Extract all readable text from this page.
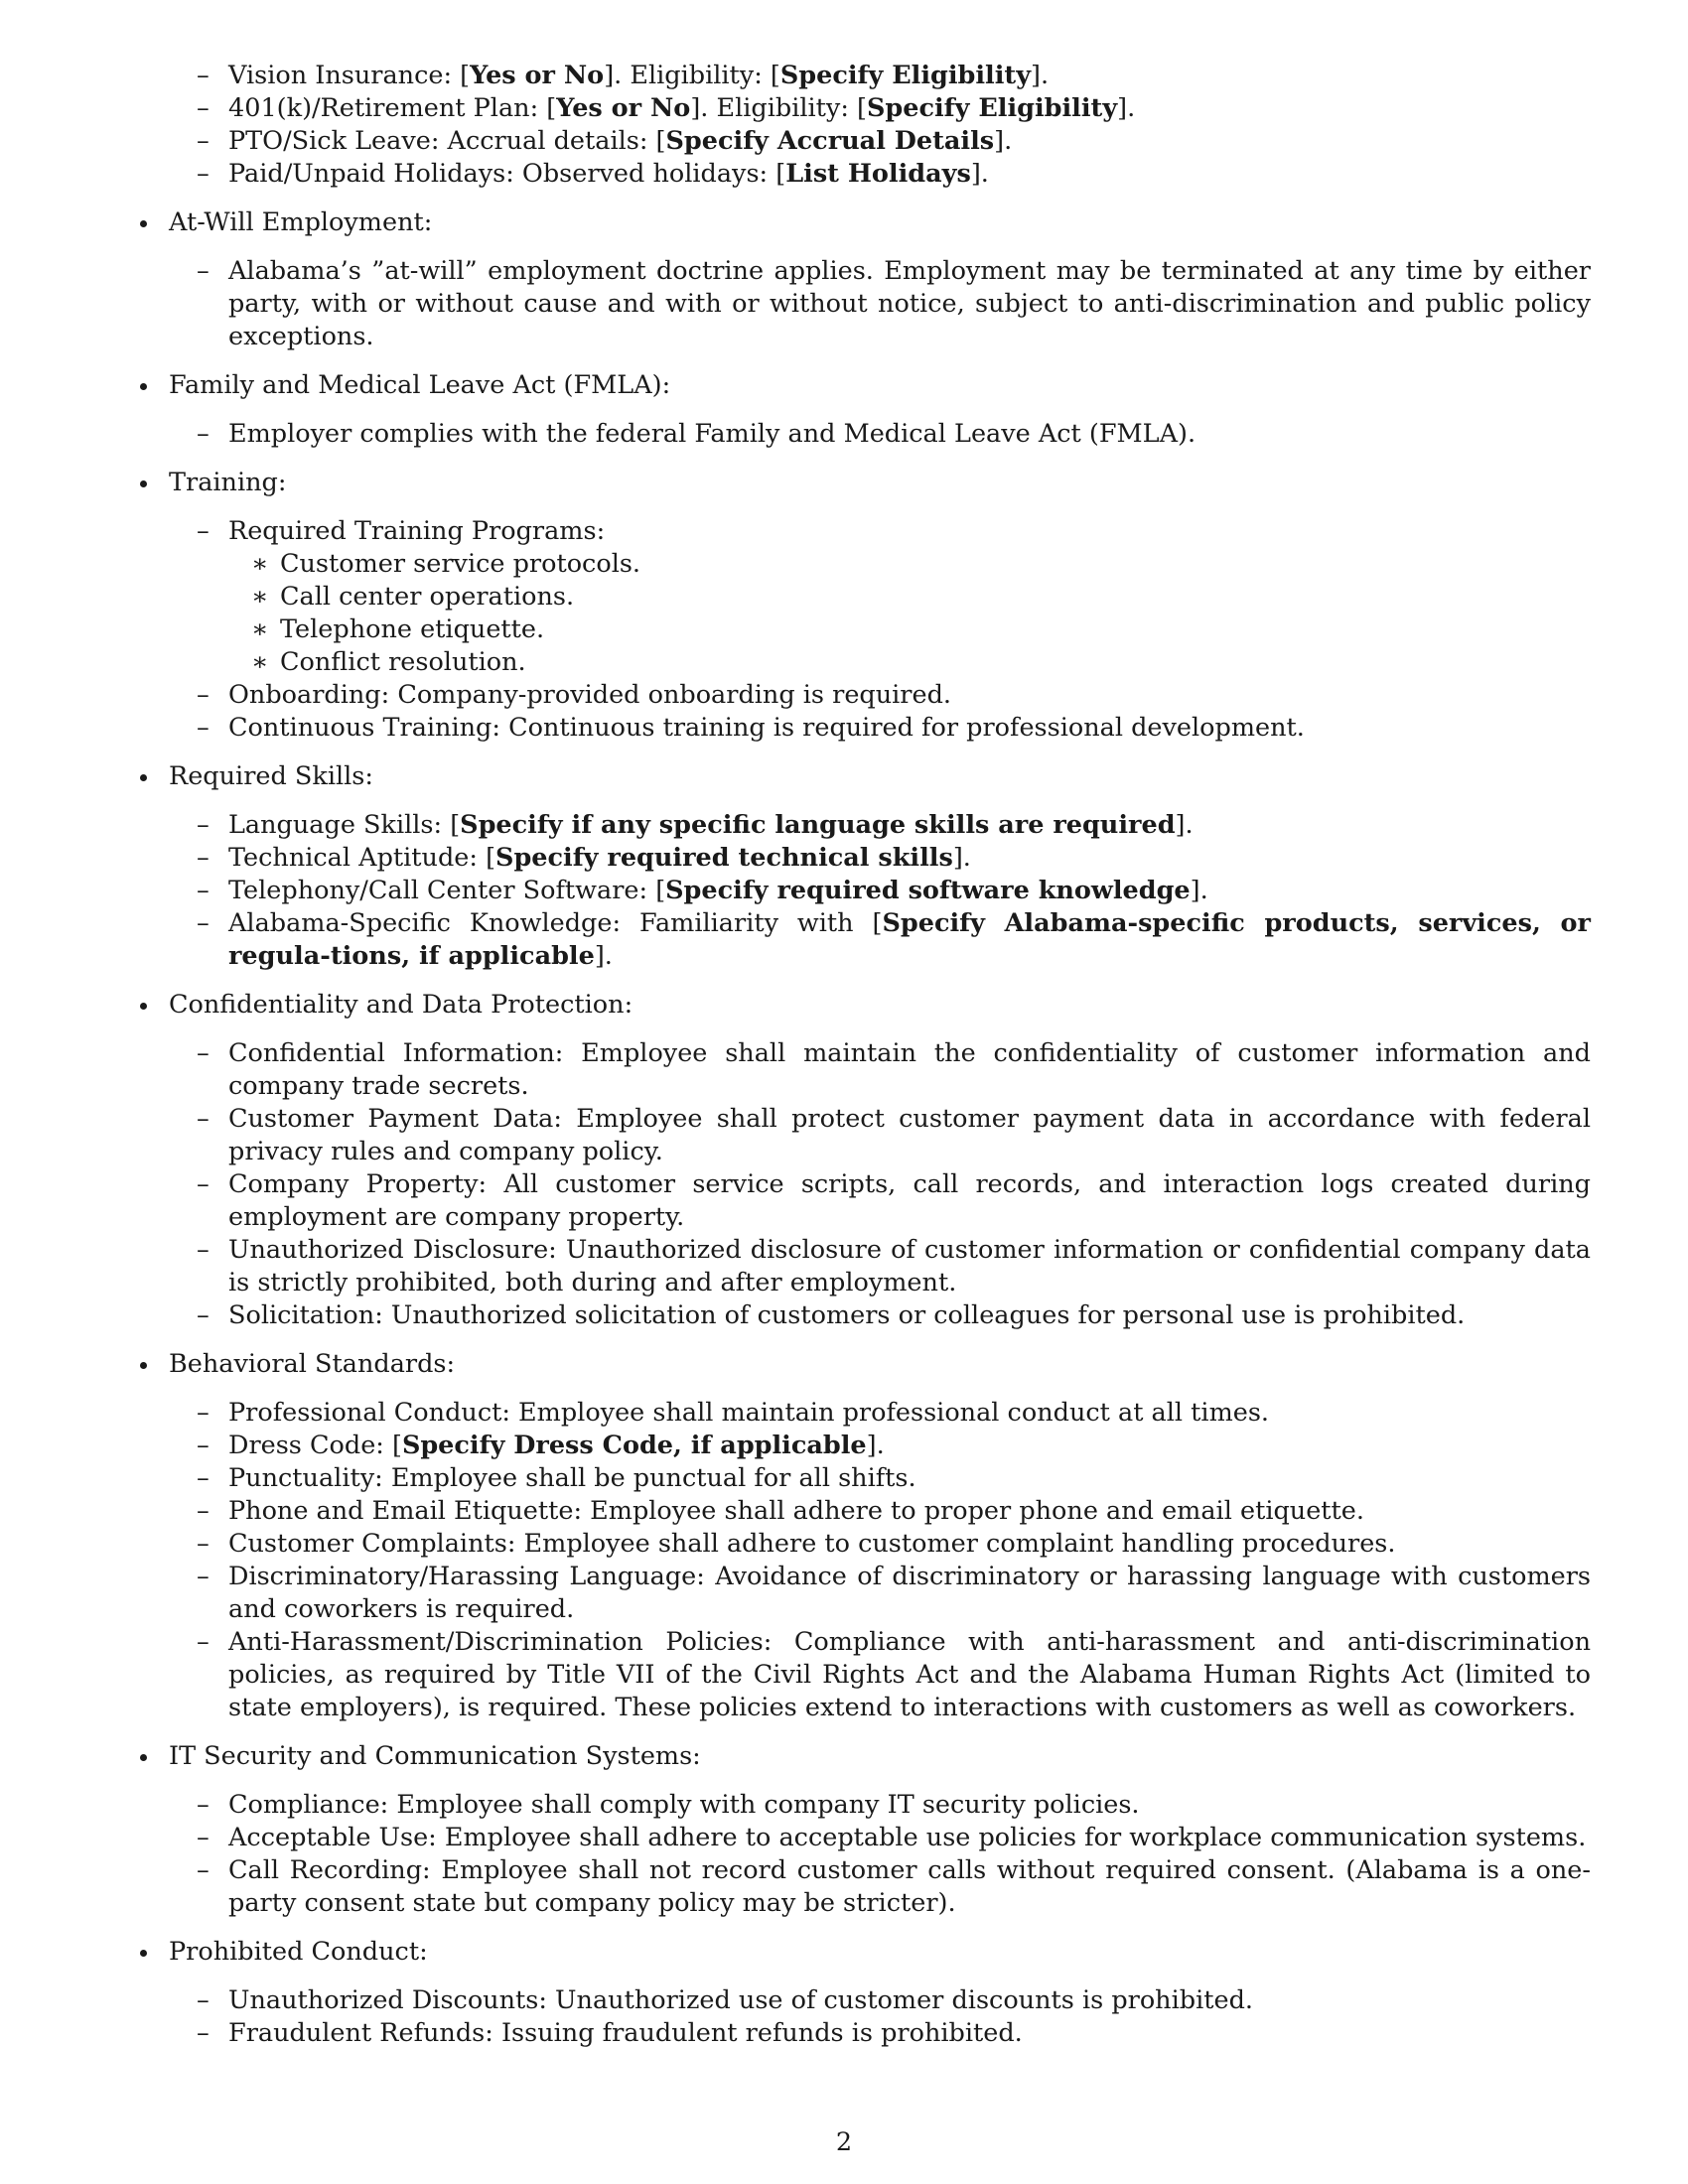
– Vision Insurance: [Yes or No]. Eligibility: [Specify Eligibility].
– 401(k)/Retirement Plan: [Yes or No]. Eligibility: [Specify Eligibility].
– PTO/Sick Leave: Accrual details: [Specify Accrual Details].
– Paid/Unpaid Holidays: Observed holidays: [List Holidays].
At-Will Employment:
– Alabama’s ”at-will” employment doctrine applies. Employment may be terminated at any time by either party, with or without cause and with or without notice, subject to anti-discrimination and public policy exceptions.
Family and Medical Leave Act (FMLA):
– Employer complies with the federal Family and Medical Leave Act (FMLA).
Training:
– Required Training Programs:
∗ Customer service protocols.
∗ Call center operations.
∗ Telephone etiquette.
∗ Conflict resolution.
– Onboarding: Company-provided onboarding is required.
– Continuous Training: Continuous training is required for professional development.
Required Skills:
– Language Skills: [Specify if any specific language skills are required].
– Technical Aptitude: [Specify required technical skills].
– Telephony/Call Center Software: [Specify required software knowledge].
– Alabama-Specific Knowledge: Familiarity with [Specify Alabama-specific products, services, or regula-tions, if applicable].
Confidentiality and Data Protection:
– Confidential Information: Employee shall maintain the confidentiality of customer information and company trade secrets.
– Customer Payment Data: Employee shall protect customer payment data in accordance with federal privacy rules and company policy.
– Company Property: All customer service scripts, call records, and interaction logs created during employment are company property.
– Unauthorized Disclosure: Unauthorized disclosure of customer information or confidential company data is strictly prohibited, both during and after employment.
– Solicitation: Unauthorized solicitation of customers or colleagues for personal use is prohibited.
Behavioral Standards:
– Professional Conduct: Employee shall maintain professional conduct at all times.
– Dress Code: [Specify Dress Code, if applicable].
– Punctuality: Employee shall be punctual for all shifts.
– Phone and Email Etiquette: Employee shall adhere to proper phone and email etiquette.
– Customer Complaints: Employee shall adhere to customer complaint handling procedures.
– Discriminatory/Harassing Language: Avoidance of discriminatory or harassing language with customers and coworkers is required.
– Anti-Harassment/Discrimination Policies: Compliance with anti-harassment and anti-discrimination policies, as required by Title VII of the Civil Rights Act and the Alabama Human Rights Act (limited to state employers), is required. These policies extend to interactions with customers as well as coworkers.
IT Security and Communication Systems:
– Compliance: Employee shall comply with company IT security policies.
– Acceptable Use: Employee shall adhere to acceptable use policies for workplace communication systems.
– Call Recording: Employee shall not record customer calls without required consent. (Alabama is a one-party consent state but company policy may be stricter).
Prohibited Conduct:
– Unauthorized Discounts: Unauthorized use of customer discounts is prohibited.
– Fraudulent Refunds: Issuing fraudulent refunds is prohibited.
2
